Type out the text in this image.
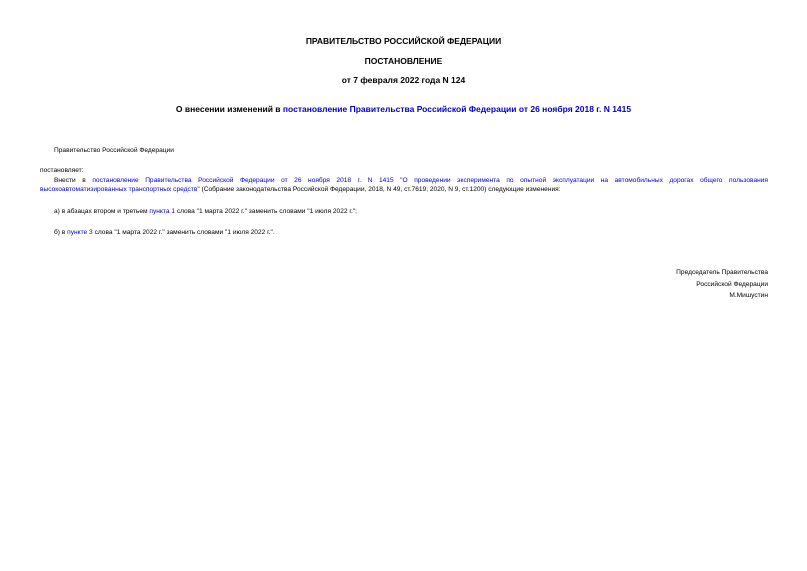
ПРАВИТЕЛЬСТВО РОССИЙСКОЙ ФЕДЕРАЦИИ
ПОСТАНОВЛЕНИЕ
от 7 февраля 2022 года N 124
О внесении изменений в постановление Правительства Российской Федерации от 26 ноября 2018 г. N 1415
Правительство Российской Федерации
постановляет:
Внести в постановление Правительства Российской Федерации от 26 ноября 2018 г. N 1415 "О проведении эксперимента по опытной эксплуатации на автомобильных дорогах общего пользования
высокоавтоматизированных транспортных средств" (Собрание законодательства Российской Федерации, 2018, N 49, ст.7619; 2020, N 9, ст.1200) следующие изменения:
а) в абзацах втором и третьем пункта 1 слова "1 марта 2022 г." заменить словами "1 июля 2022 г.";
б) в пункте 3 слова "1 марта 2022 г." заменить словами "1 июля 2022 г.".
Председатель Правительства
Российской Федерации
М.Мишустин
